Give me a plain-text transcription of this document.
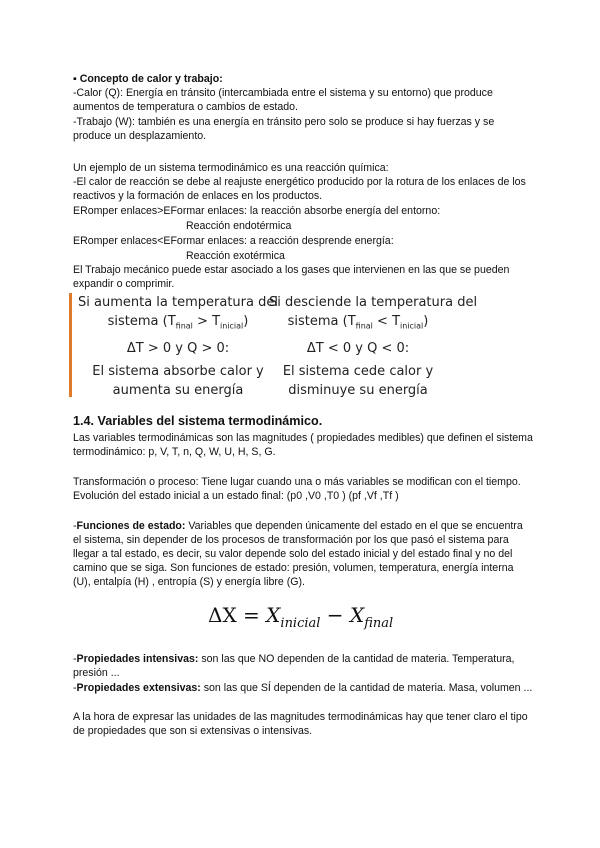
▪ Concepto de calor y trabajo:

-Calor (Q): Energía en tránsito (intercambiada entre el sistema y su entorno) que produce aumentos de temperatura o cambios de estado.

-Trabajo (W): también es una energía en tránsito pero solo se produce si hay fuerzas y se produce un desplazamiento.

Un ejemplo de un sistema termodinámico es una reacción química:

-El calor de reacción se debe al reajuste energético producido por la rotura de los enlaces de los reactivos y la formación de enlaces en los productos.

ERomper enlaces>EFormar enlaces: la reacción absorbe energía del entorno:

Reacción endotérmica

ERomper enlaces<EFormar enlaces: a reacción desprende energía:

Reacción exotérmica

El Trabajo mecánico puede estar asociado a los gases que intervienen en las que se pueden expandir o comprimir.

Si aumenta la temperatura del
sistema $(T_{final} > T_{inicial})$
ΔT > 0 y Q > 0:
El sistema absorbe calor y
aumenta su energía
Si desciende la temperatura del
sistema $(T_{final} < T_{inicial})$
ΔT < 0 y Q < 0:
El sistema cede calor y
disminuye su energía

1.4. Variables del sistema termodinámico.

Las variables termodinámicas son las magnitudes ( propiedades medibles) que definen el sistema termodinámico: p, V, T, n, Q, W, U, H, S, G.

Transformación o proceso: Tiene lugar cuando una o más variables se modifican con el tiempo. Evolución del estado inicial a un estado final: (p0 ,V0 ,T0 ) (pf ,Vf ,Tf )

-Funciones de estado: Variables que dependen únicamente del estado en el que se encuentra el sistema, sin depender de los procesos de transformación por los que pasó el sistema para llegar a tal estado, es decir, su valor depende solo del estado inicial y del estado final y no del camino que se siga. Son funciones de estado: presión, volumen, temperatura, energía interna (U), entalpía (H) , entropía (S) y energía libre (G).

$\Delta X = X_{inicial} - X_{final}$

-Propiedades intensivas: son las que NO dependen de la cantidad de materia. Temperatura, presión ...

-Propiedades extensivas: son las que SÍ dependen de la cantidad de materia. Masa, volumen ...

A la hora de expresar las unidades de las magnitudes termodinámicas hay que tener claro el tipo de propiedades que son si extensivas o intensivas.
